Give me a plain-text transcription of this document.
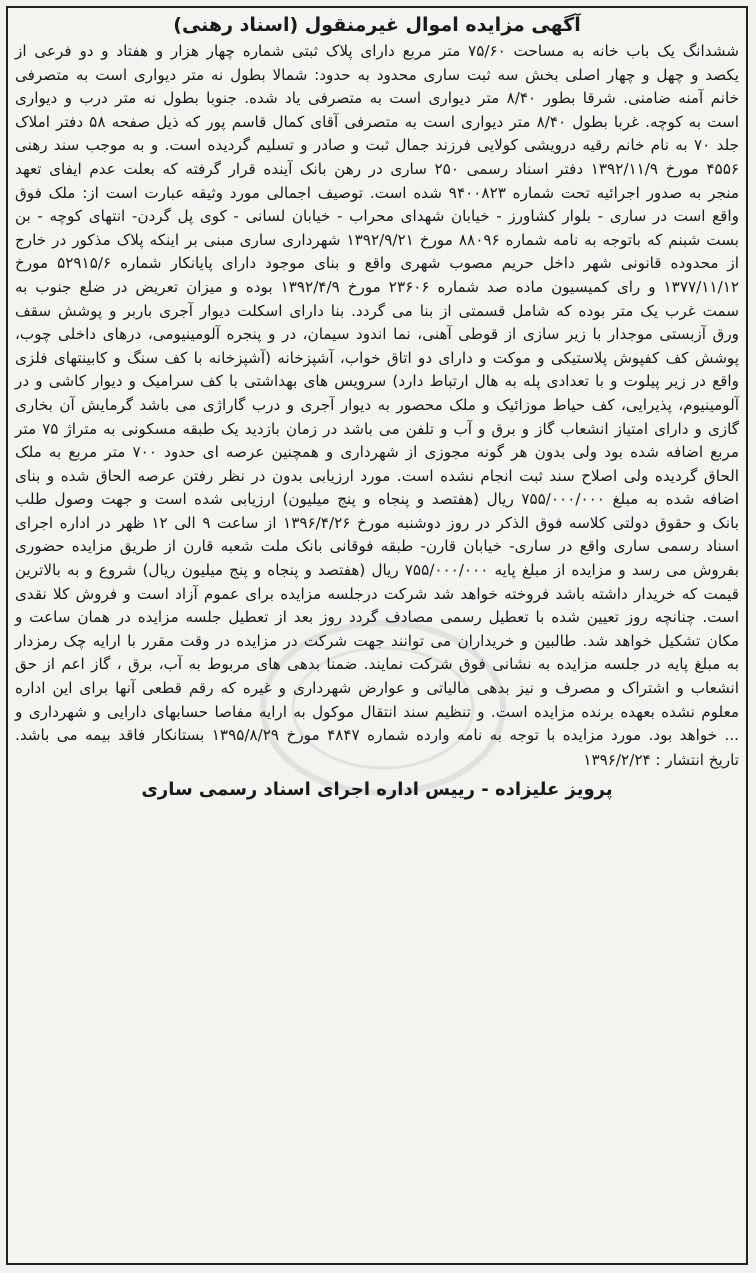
آگهی مزایده اموال غیرمنقول (اسناد رهنی)

ششدانگ یک باب خانه به مساحت ۷۵/۶۰ متر مربع دارای پلاک ثبتی شماره چهار هزار و هفتاد و دو فرعی از یکصد و چهل و چهار اصلی بخش سه ثبت ساری محدود به حدود: شمالا بطول نه متر دیواری است به متصرفی خانم آمنه ضامنی. شرقا بطور ۸/۴۰ متر دیواری است به متصرفی یاد شده. جنوبا بطول نه متر درب و دیواری است به کوچه. غربا بطول ۸/۴۰ متر دیواری است به متصرفی آقای کمال قاسم پور که ذیل صفحه ۵۸ دفتر املاک جلد ۷۰ به نام خانم رقیه درویشی کولایی فرزند جمال ثبت و صادر و تسلیم گردیده است. و به موجب سند رهنی ۴۵۵۶ مورخ ۱۳۹۲/۱۱/۹ دفتر اسناد رسمی ۲۵۰ ساری در رهن بانک آینده قرار گرفته که بعلت عدم ایفای تعهد منجر به صدور اجرائیه تحت شماره ۹۴۰۰۸۲۳ شده است. توصیف اجمالی مورد وثیقه عبارت است از: ملک فوق واقع است در ساری - بلوار کشاورز - خیابان شهدای محراب - خیابان لسانی - کوی پل گردن- انتهای کوچه - بن بست شبنم که باتوجه به نامه شماره ۸۸۰۹۶ مورخ ۱۳۹۲/۹/۲۱ شهرداری ساری مبنی بر اینکه پلاک مذکور در خارج از محدوده قانونی شهر داخل حریم مصوب شهری واقع و بنای موجود دارای پایانکار شماره ۵۲۹۱۵/۶ مورخ ۱۳۷۷/۱۱/۱۲ و رای کمیسیون ماده صد شماره ۲۳۶۰۶ مورخ ۱۳۹۲/۴/۹ بوده و میزان تعریض در ضلع جنوب به سمت غرب یک متر بوده که شامل قسمتی از بنا می گردد. بنا دارای اسکلت دیوار آجری باربر و پوشش سقف ورق آزبستی موجدار با زیر سازی از قوطی آهنی، نما اندود سیمان، در و پنجره آلومینیومی، درهای داخلی چوب، پوشش کف کفپوش پلاستیکی و موکت و دارای دو اتاق خواب، آشپزخانه (آشپزخانه با کف سنگ و کابینتهای فلزی واقع در زیر پیلوت و با تعدادی پله به هال ارتباط دارد) سرویس های بهداشتی با کف سرامیک و دیوار کاشی و در آلومینیوم، پذیرایی، کف حیاط موزائیک و ملک محصور به دیوار آجری و درب گاراژی می باشد گرمایش آن بخاری گازی و دارای امتیاز انشعاب گاز و برق و آب و تلفن می باشد در زمان بازدید یک طبقه مسکونی به متراژ ۷۵ متر مربع اضافه شده بود ولی بدون هر گونه مجوزی از شهرداری و همچنین عرصه ای حدود ۷۰۰ متر مربع به ملک الحاق گردیده ولی اصلاح سند ثبت انجام نشده است. مورد ارزیابی بدون در نظر رفتن عرصه الحاق شده و بنای اضافه شده به مبلغ ۷۵۵/۰۰۰/۰۰۰ ریال (هفتصد و پنجاه و پنج میلیون) ارزیابی شده است و جهت وصول طلب بانک و حقوق دولتی کلاسه فوق الذکر در روز دوشنبه مورخ ۱۳۹۶/۴/۲۶ از ساعت ۹ الی ۱۲ ظهر در اداره اجرای اسناد رسمی ساری واقع در ساری- خیابان قارن- طبقه فوقانی بانک ملت شعبه قارن از طریق مزایده حضوری بفروش می رسد و مزایده از مبلغ پایه ۷۵۵/۰۰۰/۰۰۰ ریال (هفتصد و پنجاه و پنج میلیون ریال) شروع و به بالاترین قیمت که خریدار داشته باشد فروخته خواهد شد شرکت درجلسه مزایده برای عموم آزاد است و فروش کلا نقدی است. چنانچه روز تعیین شده با تعطیل رسمی مصادف گردد روز بعد از تعطیل جلسه مزایده در همان ساعت و مکان تشکیل خواهد شد. طالبین و خریداران می توانند جهت شرکت در مزایده در وقت مقرر با ارایه چک رمزدار به مبلغ پایه در جلسه مزایده به نشانی فوق شرکت نمایند. ضمنا بدهی های مربوط به آب، برق ، گاز اعم از حق انشعاب و اشتراک و مصرف و نیز بدهی مالیاتی و عوارض شهرداری و غیره که رقم قطعی آنها برای این اداره معلوم نشده بعهده برنده مزایده است. و تنظیم سند انتقال موکول به ارایه مفاصا حسابهای دارایی و شهرداری و ... خواهد بود. مورد مزایده با توجه به نامه وارده شماره ۴۸۴۷ مورخ ۱۳۹۵/۸/۲۹ بستانکار فاقد بیمه می باشد.

تاریخ انتشار : ۱۳۹۶/۲/۲۴

پرویز علیزاده - رییس اداره اجرای اسناد رسمی ساری
